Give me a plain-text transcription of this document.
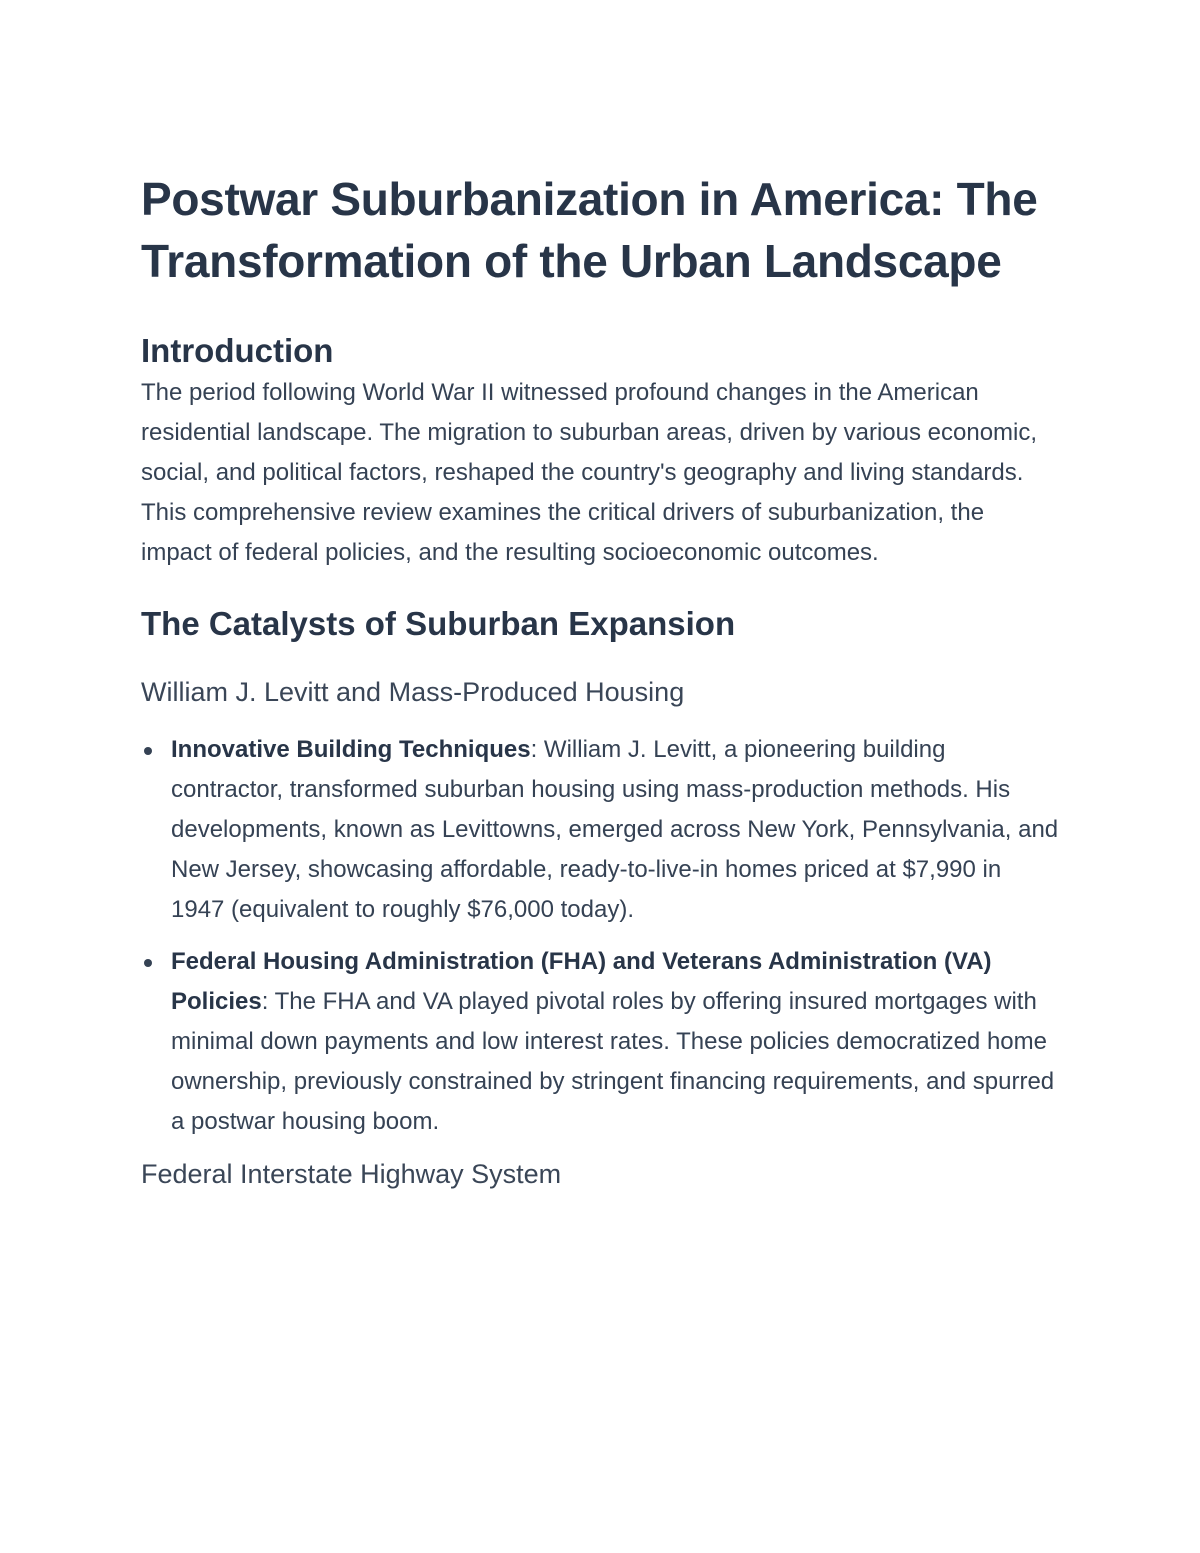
Postwar Suburbanization in America: The Transformation of the Urban Landscape
Introduction

The period following World War II witnessed profound changes in the American residential landscape. The migration to suburban areas, driven by various economic, social, and political factors, reshaped the country's geography and living standards. This comprehensive review examines the critical drivers of suburbanization, the impact of federal policies, and the resulting socioeconomic outcomes.

The Catalysts of Suburban Expansion
William J. Levitt and Mass-Produced Housing
Innovative Building Techniques: William J. Levitt, a pioneering building contractor, transformed suburban housing using mass-production methods. His developments, known as Levittowns, emerged across New York, Pennsylvania, and New Jersey, showcasing affordable, ready-to-live-in homes priced at $7,990 in 1947 (equivalent to roughly $76,000 today).
Federal Housing Administration (FHA) and Veterans Administration (VA) Policies: The FHA and VA played pivotal roles by offering insured mortgages with minimal down payments and low interest rates. These policies democratized home ownership, previously constrained by stringent financing requirements, and spurred a postwar housing boom.
Federal Interstate Highway System
